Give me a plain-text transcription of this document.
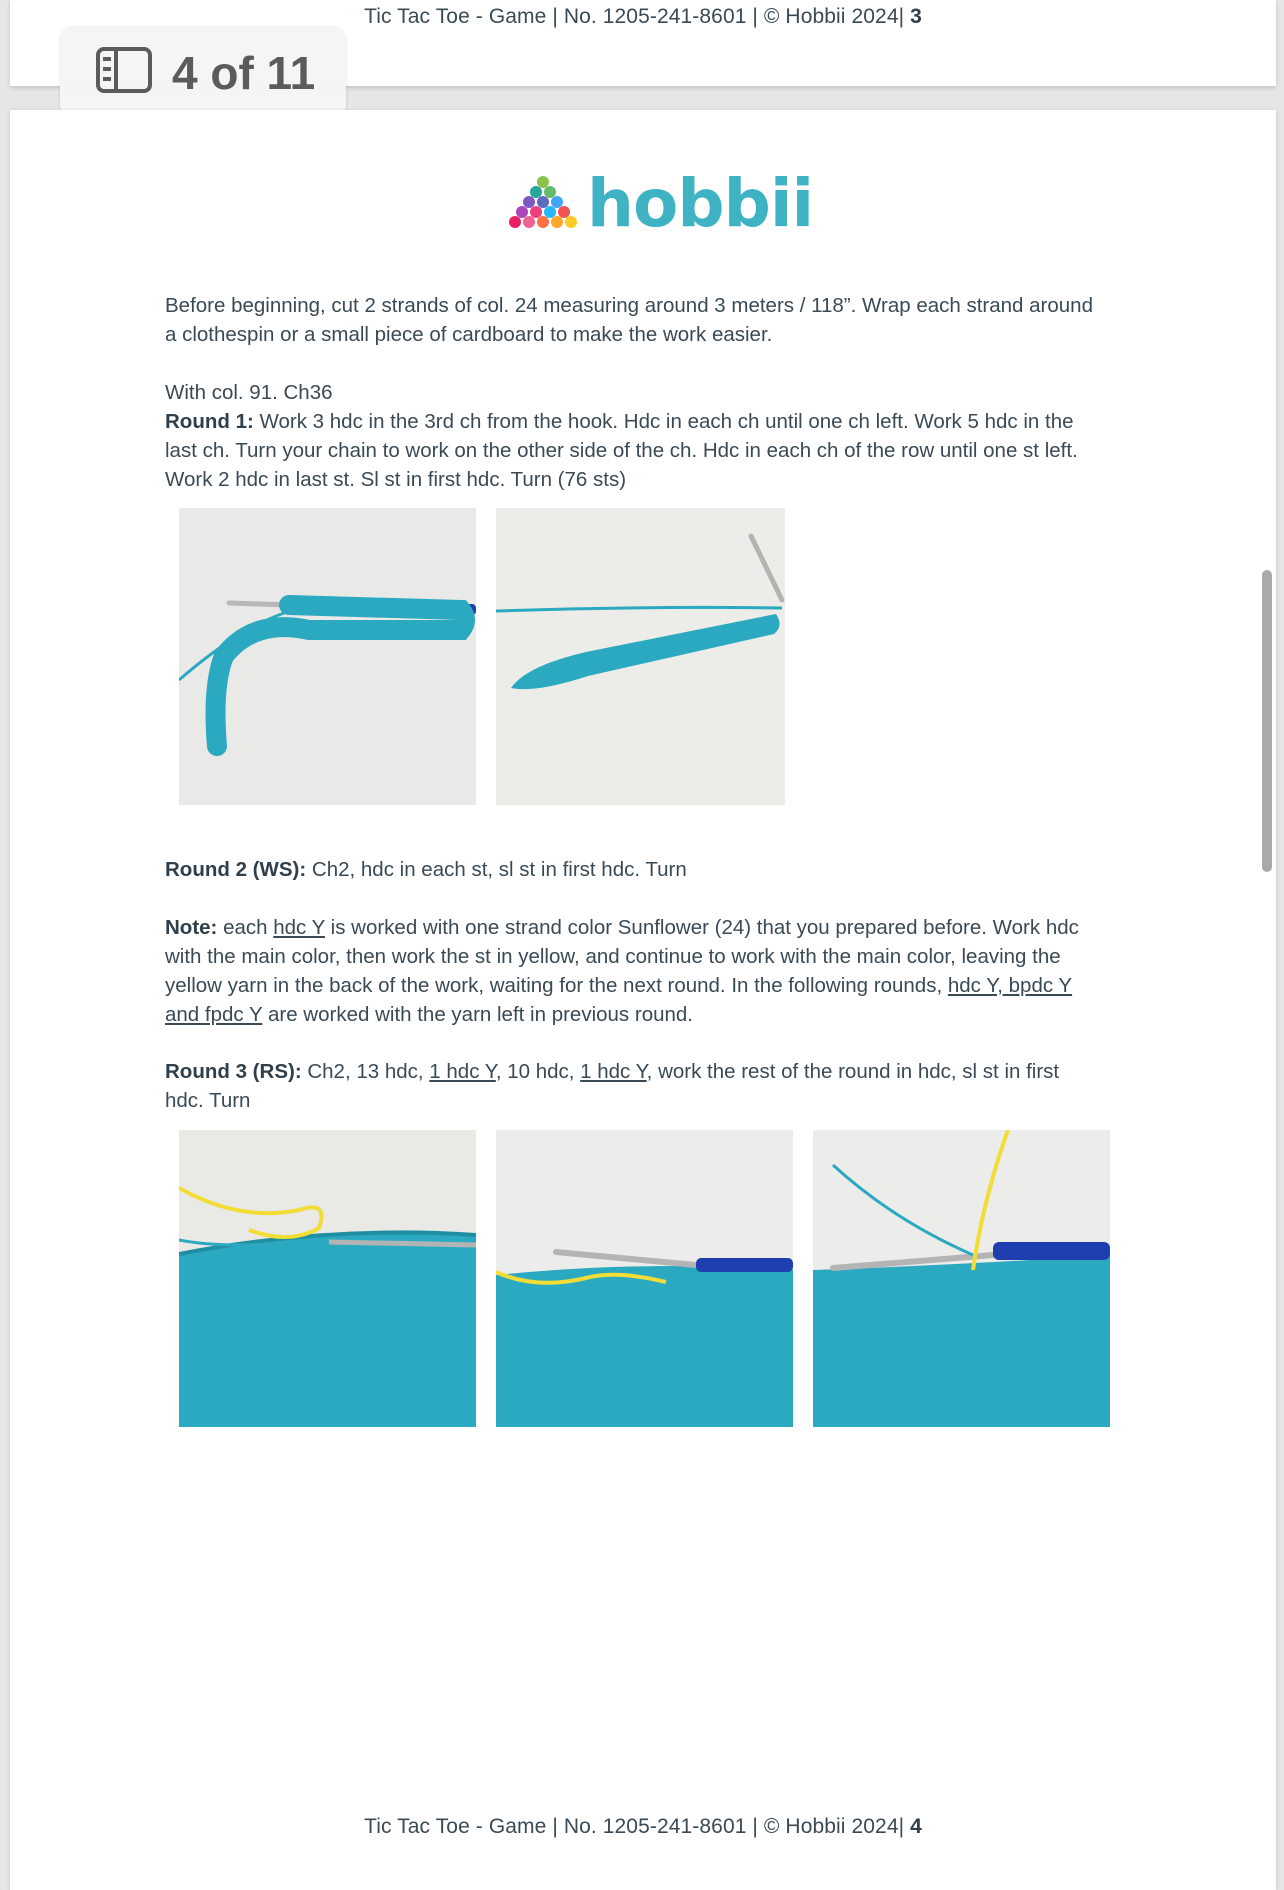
Tic Tac Toe - Game | No. 1205-241-8601 | © Hobbii 2024| 3
4 of 11
hobbii
Before beginning, cut 2 strands of col. 24 measuring around 3 meters / 118”. Wrap each strand around a clothespin or a small piece of cardboard to make the work easier.
With col. 91. Ch36
Round 1: Work 3 hdc in the 3rd ch from the hook. Hdc in each ch until one ch left. Work 5 hdc in the last ch. Turn your chain to work on the other side of the ch. Hdc in each ch of the row until one st left. Work 2 hdc in last st. Sl st in first hdc. Turn (76 sts)
Round 2 (WS): Ch2, hdc in each st, sl st in first hdc. Turn
Note: each hdc Y is worked with one strand color Sunflower (24) that you prepared before. Work hdc with the main color, then work the st in yellow, and continue to work with the main color, leaving the yellow yarn in the back of the work, waiting for the next round. In the following rounds, hdc Y, bpdc Y and fpdc Y are worked with the yarn left in previous round.
Round 3 (RS): Ch2, 13 hdc, 1 hdc Y, 10 hdc, 1 hdc Y, work the rest of the round in hdc, sl st in first hdc. Turn
Tic Tac Toe - Game | No. 1205-241-8601 | © Hobbii 2024| 4
